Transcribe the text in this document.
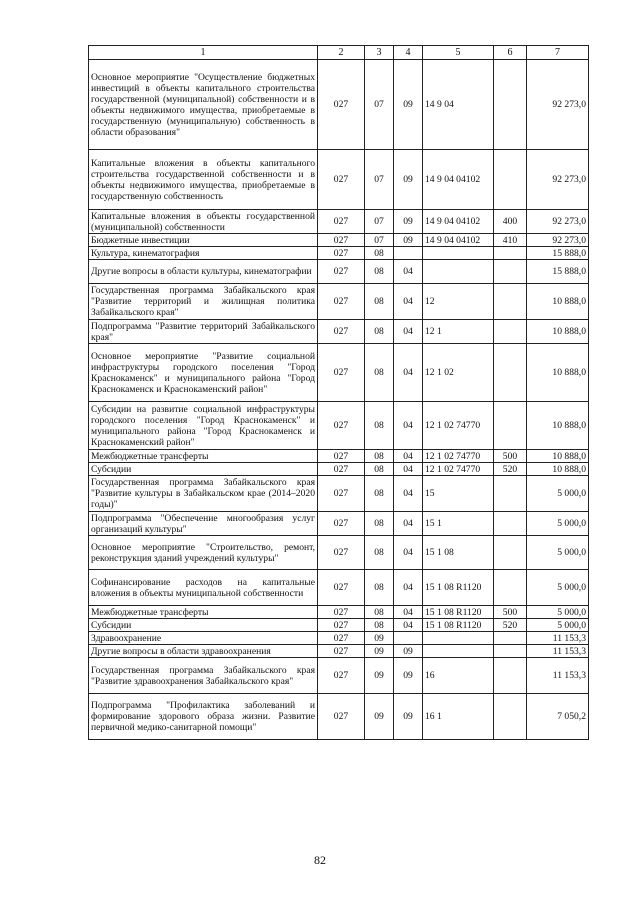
1	2	3	4	5	6	7
Основное мероприятие "Осуществление бюджетных инвестиций в объекты капитального строительства государственной (муниципальной) собственности и в объекты недвижимого имущества, приобретаемые в государственную (муниципальную) собственность в области образования"	027	07	09	14 9 04		92 273,0
Капитальные вложения в объекты капитального строительства государственной собственности и в объекты недвижимого имущества, приобретаемые в государственную собственность	027	07	09	14 9 04 04102		92 273,0
Капитальные вложения в объекты государственной (муниципальной) собственности	027	07	09	14 9 04 04102	400	92 273,0
Бюджетные инвестиции	027	07	09	14 9 04 04102	410	92 273,0
Культура, кинематография	027	08				15 888,0
Другие вопросы в области культуры, кинематографии	027	08	04			15 888,0
Государственная программа Забайкальского края "Развитие территорий и жилищная политика Забайкальского края"	027	08	04	12		10 888,0
Подпрограмма "Развитие территорий Забайкальского края"	027	08	04	12 1		10 888,0
Основное мероприятие "Развитие социальной инфраструктуры городского поселения "Город Краснокаменск" и муниципального района "Город Краснокаменск и Краснокаменский район"	027	08	04	12 1 02		10 888,0
Субсидии на развитие социальной инфраструктуры городского поселения "Город Краснокаменск" и муниципального района "Город Краснокаменск и Краснокаменский район"	027	08	04	12 1 02 74770		10 888,0
Межбюджетные трансферты	027	08	04	12 1 02 74770	500	10 888,0
Субсидии	027	08	04	12 1 02 74770	520	10 888,0
Государственная программа Забайкальского края "Развитие культуры в Забайкальском крае (2014–2020 годы)"	027	08	04	15		5 000,0
Подпрограмма "Обеспечение многообразия услуг организаций культуры"	027	08	04	15 1		5 000,0
Основное мероприятие "Строительство, ремонт, реконструкция зданий учреждений культуры"	027	08	04	15 1 08		5 000,0
Софинансирование расходов на капитальные вложения в объекты муниципальной собственности	027	08	04	15 1 08 R1120		5 000,0
Межбюджетные трансферты	027	08	04	15 1 08 R1120	500	5 000,0
Субсидии	027	08	04	15 1 08 R1120	520	5 000,0
Здравоохранение	027	09				11 153,3
Другие вопросы в области здравоохранения	027	09	09			11 153,3
Государственная программа Забайкальского края "Развитие здравоохранения Забайкальского края"	027	09	09	16		11 153,3
Подпрограмма "Профилактика заболеваний и формирование здорового образа жизни. Развитие первичной медико-санитарной помощи"	027	09	09	16 1		7 050,2
82
